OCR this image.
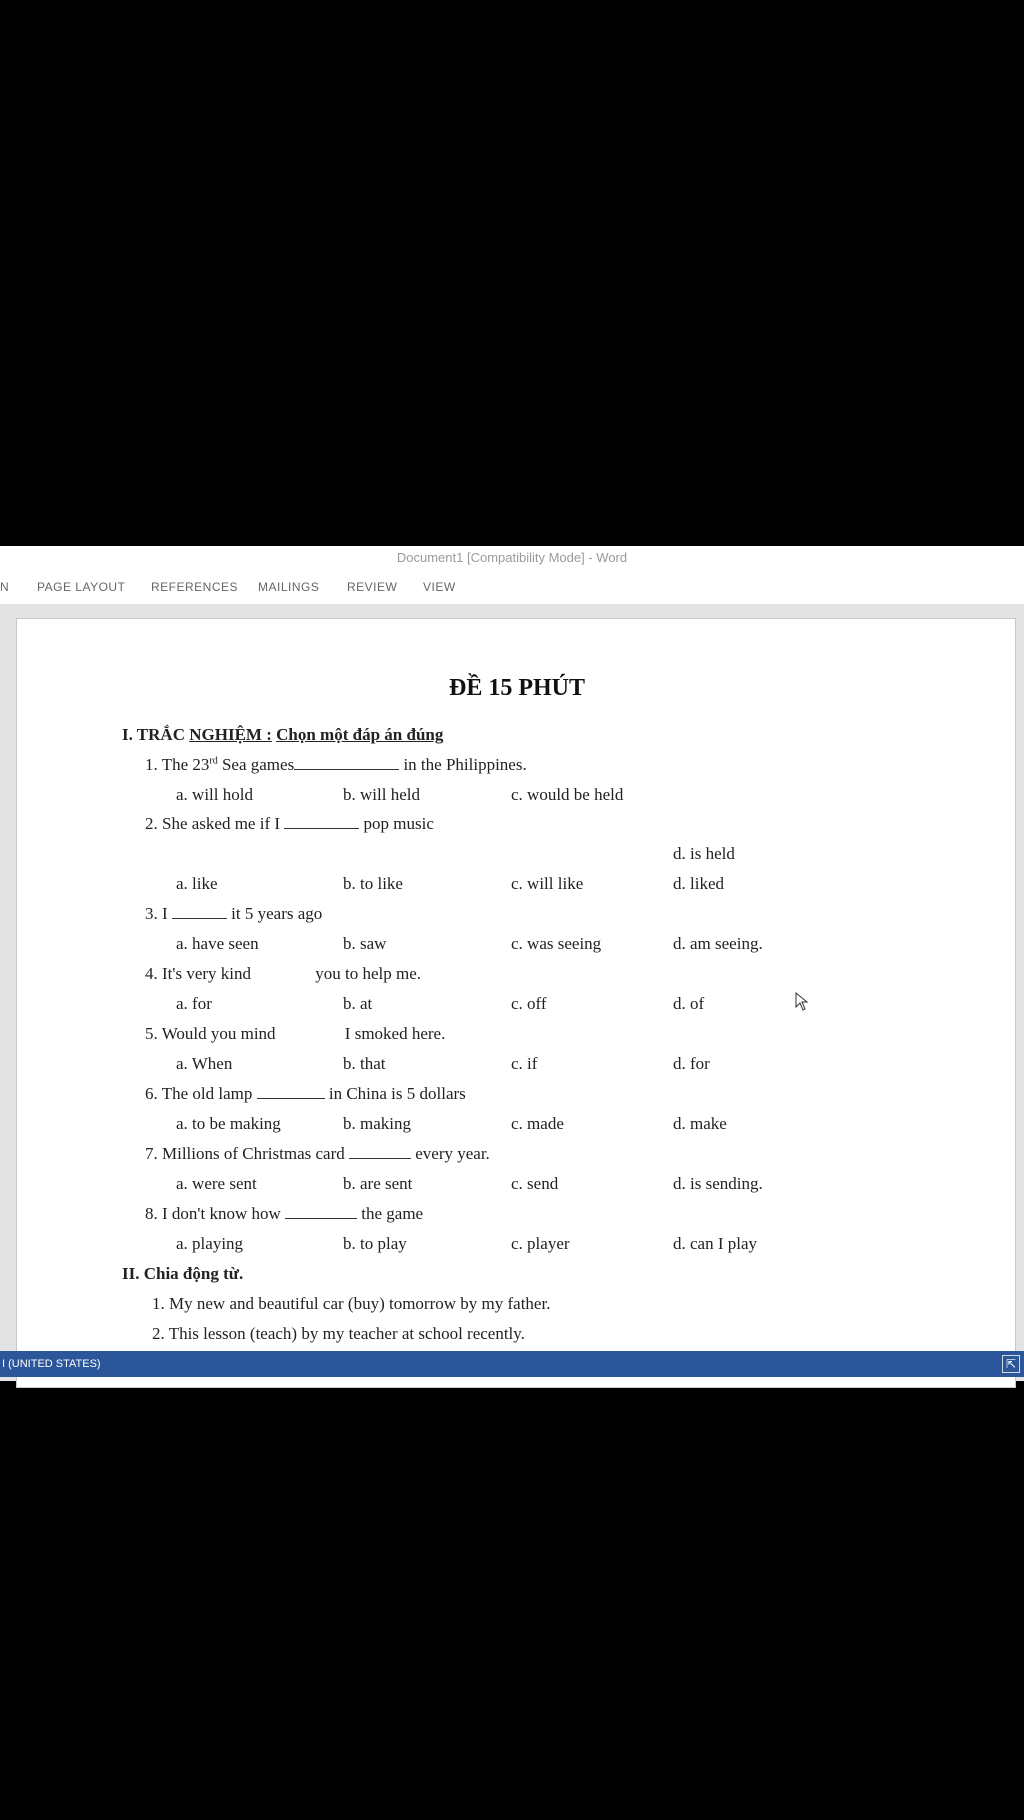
Document1 [Compatibility Mode] - Word
N PAGE LAYOUT REFERENCES MAILINGS REVIEW VIEW
ĐỀ 15 PHÚT
I. TRẮC NGHIỆM : Chọn một đáp án đúng
1. The 23rd Sea games	in the Philippines.
a. will hold	b. will held	c. would be held
2. She asked me if I	pop music
d. is held
a. like	b. to like	c. will like	d. liked
3. I	it 5 years ago
a. have seen	b. saw	c. was seeing	d. am seeing.
4. It's very kind	you to help me.
a. for	b. at	c. off	d. of
5. Would you mind	I smoked here.
a. When	b. that	c. if	d. for
6. The old lamp	in China is 5 dollars
a. to be making	b. making	c. made	d. make
7. Millions of Christmas card	every year.
a. were sent	b. are sent	c. send	d. is sending.
8. I don't know how	the game
a. playing	b. to play	c. player	d. can I play
II. Chia động từ.
1. My new and beautiful car (buy) tomorrow by my father.
2. This lesson (teach) by my teacher at school recently.
I (UNITED STATES)	⇱
